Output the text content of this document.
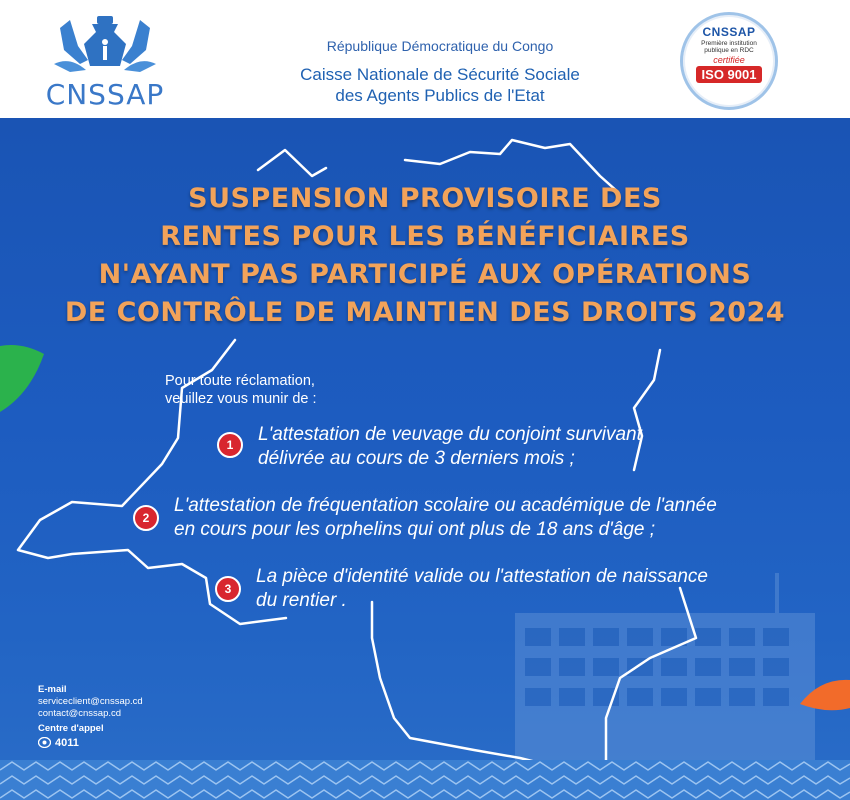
CNSSAP
République Démocratique du Congo
Caisse Nationale de Sécurité Sociale
des Agents Publics de l'Etat
CNSSAP
Première institution publique en RDC
certifiée
ISO 9001
SUSPENSION PROVISOIRE DES
RENTES POUR LES BÉNÉFICIAIRES
N'AYANT PAS PARTICIPÉ AUX OPÉRATIONS
DE CONTRÔLE DE MAINTIEN DES DROITS 2024
Pour toute réclamation,
veuillez vous munir de :
1	L'attestation de veuvage du conjoint survivant
délivrée au cours de 3 derniers mois ;
2
L'attestation de fréquentation scolaire ou académique de l'année
en cours pour les orphelins qui ont plus de 18 ans d'âge ;
3
La pièce d'identité valide ou l'attestation de naissance
du rentier .
E-mail
serviceclient@cnssap.cd
contact@cnssap.cd
Centre d'appel
4011
